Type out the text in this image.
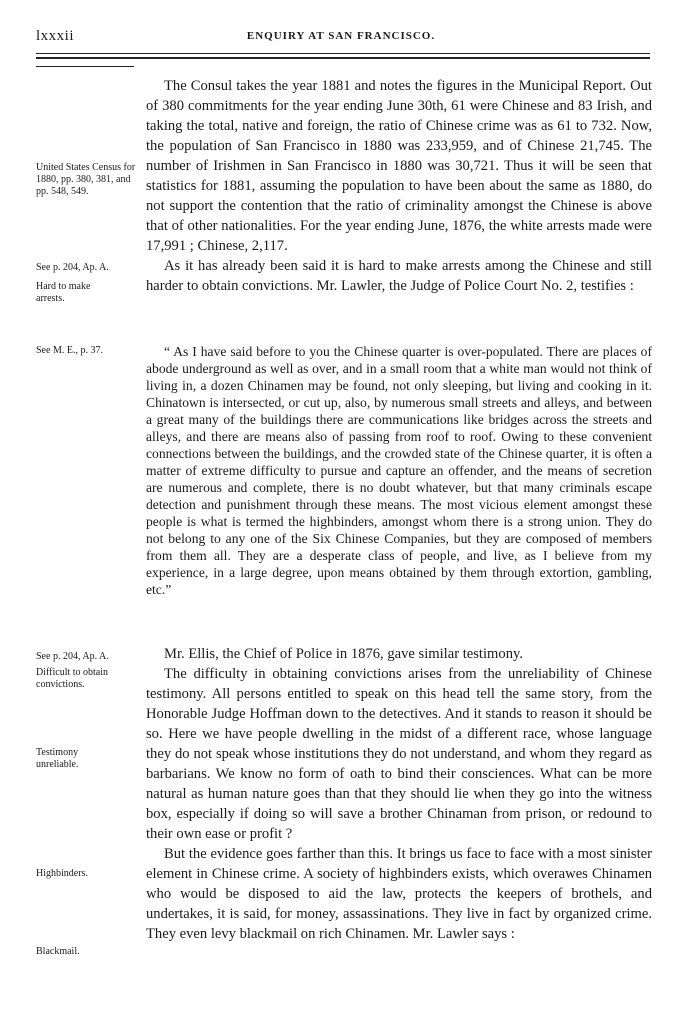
lxxxii	ENQUIRY AT SAN FRANCISCO.
United States Census for 1880, pp. 380, 381, and pp. 548, 549.
See p. 204, Ap. A.
Hard to make arrests.
See M. E., p. 37.
See p. 204, Ap. A.
Difficult to obtain convictions.
Testimony unreliable.
Highbinders.
Blackmail.

The Consul takes the year 1881 and notes the figures in the Municipal Report. Out of 380 commitments for the year ending June 30th, 61 were Chinese and 83 Irish, and taking the total, native and foreign, the ratio of Chinese crime was as 61 to 732. Now, the population of San Francisco in 1880 was 233,959, and of Chinese 21,745. The number of Irishmen in San Francisco in 1880 was 30,721. Thus it will be seen that statistics for 1881, assuming the population to have been about the same as 1880, do not support the contention that the ratio of criminality amongst the Chinese is above that of other nationalities. For the year ending June, 1876, the white arrests made were 17,991 ; Chinese, 2,117.

As it has already been said it is hard to make arrests among the Chinese and still harder to obtain convictions. Mr. Lawler, the Judge of Police Court No. 2, testifies :

“ As I have said before to you the Chinese quarter is over-populated. There are places of abode underground as well as over, and in a small room that a white man would not think of living in, a dozen Chinamen may be found, not only sleeping, but living and cooking in it. Chinatown is intersected, or cut up, also, by numerous small streets and alleys, and between a great many of the buildings there are communications like bridges across the streets and alleys, and there are means also of passing from roof to roof. Owing to these convenient connections between the buildings, and the crowded state of the Chinese quarter, it is often a matter of extreme difficulty to pursue and capture an offender, and the means of secretion are numerous and complete, there is no doubt whatever, but that many criminals escape detection and punishment through these means. The most vicious element amongst these people is what is termed the highbinders, amongst whom there is a strong union. They do not belong to any one of the Six Chinese Companies, but they are composed of members from them all. They are a desperate class of people, and live, as I believe from my experience, in a large degree, upon means obtained by them through extortion, gambling, etc.”

Mr. Ellis, the Chief of Police in 1876, gave similar testimony.

The difficulty in obtaining convictions arises from the unreliability of Chinese testimony. All persons entitled to speak on this head tell the same story, from the Honorable Judge Hoffman down to the detectives. And it stands to reason it should be so. Here we have people dwelling in the midst of a different race, whose language they do not speak whose institutions they do not understand, and whom they regard as barbarians. We know no form of oath to bind their consciences. What can be more natural as human nature goes than that they should lie when they go into the witness box, especially if doing so will save a brother Chinaman from prison, or redound to their own ease or profit ?

But the evidence goes farther than this. It brings us face to face with a most sinister element in Chinese crime. A society of highbinders exists, which overawes Chinamen who would be disposed to aid the law, protects the keepers of brothels, and undertakes, it is said, for money, assassinations. They live in fact by organized crime. They even levy blackmail on rich Chinamen. Mr. Lawler says :
